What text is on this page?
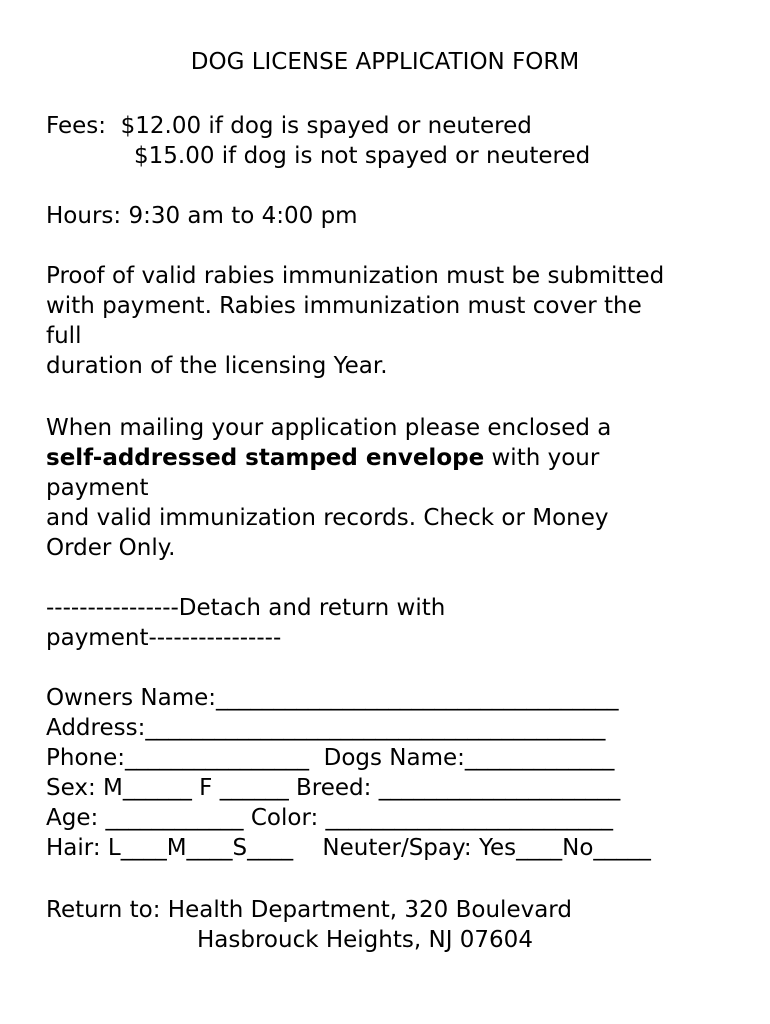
DOG LICENSE APPLICATION FORM
Fees:  $12.00 if dog is spayed or neutered
$15.00 if dog is not spayed or neutered
Hours: 9:30 am to 4:00 pm
Proof of valid rabies immunization must be submitted
with payment. Rabies immunization must cover the
full
duration of the licensing Year.
When mailing your application please enclosed a
self-addressed stamped envelope with your
payment
and valid immunization records. Check or Money
Order Only.
----------------Detach and return with
payment----------------
Owners Name:___________________________________
Address:________________________________________
Phone:________________  Dogs Name:_____________
Sex: M______ F ______ Breed: _____________________
Age: ____________ Color: _________________________
Hair: L____M____S____    Neuter/Spay: Yes____No_____
Return to: Health Department, 320 Boulevard
Hasbrouck Heights, NJ 07604
